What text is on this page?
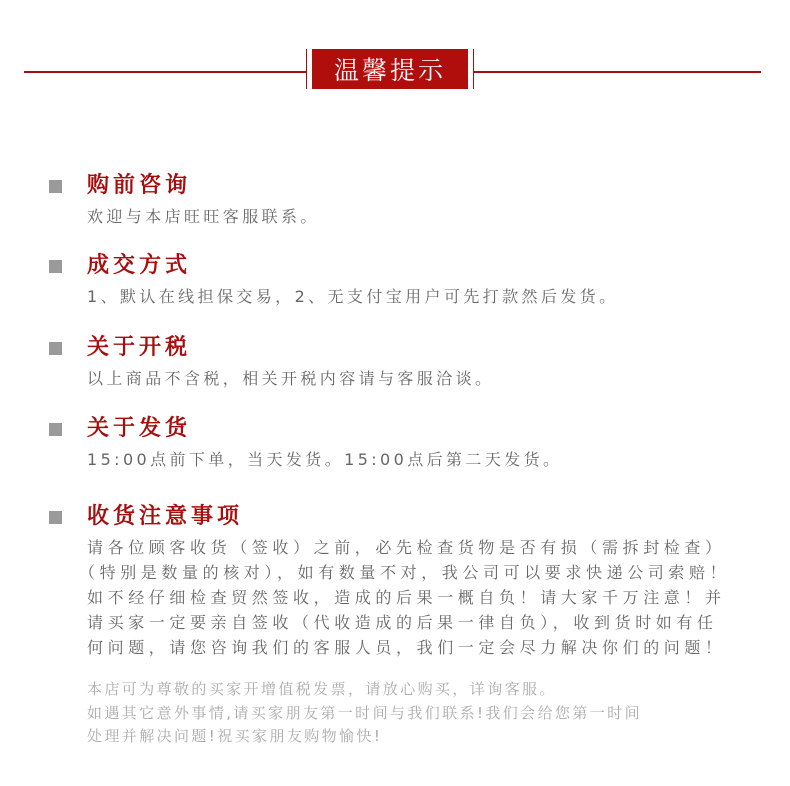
温馨提示
购前咨询
欢迎与本店旺旺客服联系。
成交方式
1、默认在线担保交易，2、无支付宝用户可先打款然后发货。
关于开税
以上商品不含税，相关开税内容请与客服洽谈。
关于发货
15:00点前下单，当天发货。15:00点后第二天发货。
收货注意事项
请各位顾客收货（签收）之前，必先检查货物是否有损（需拆封检查）
（特别是数量的核对），如有数量不对，我公司可以要求快递公司索赔！
如不经仔细检查贸然签收，造成的后果一概自负！请大家千万注意！并
请买家一定要亲自签收（代收造成的后果一律自负），收到货时如有任
何问题，请您咨询我们的客服人员，我们一定会尽力解决你们的问题！
本店可为尊敬的买家开增值税发票，请放心购买，详询客服。
如遇其它意外事情,请买家朋友第一时间与我们联系!我们会给您第一时间
处理并解决问题!祝买家朋友购物愉快!
